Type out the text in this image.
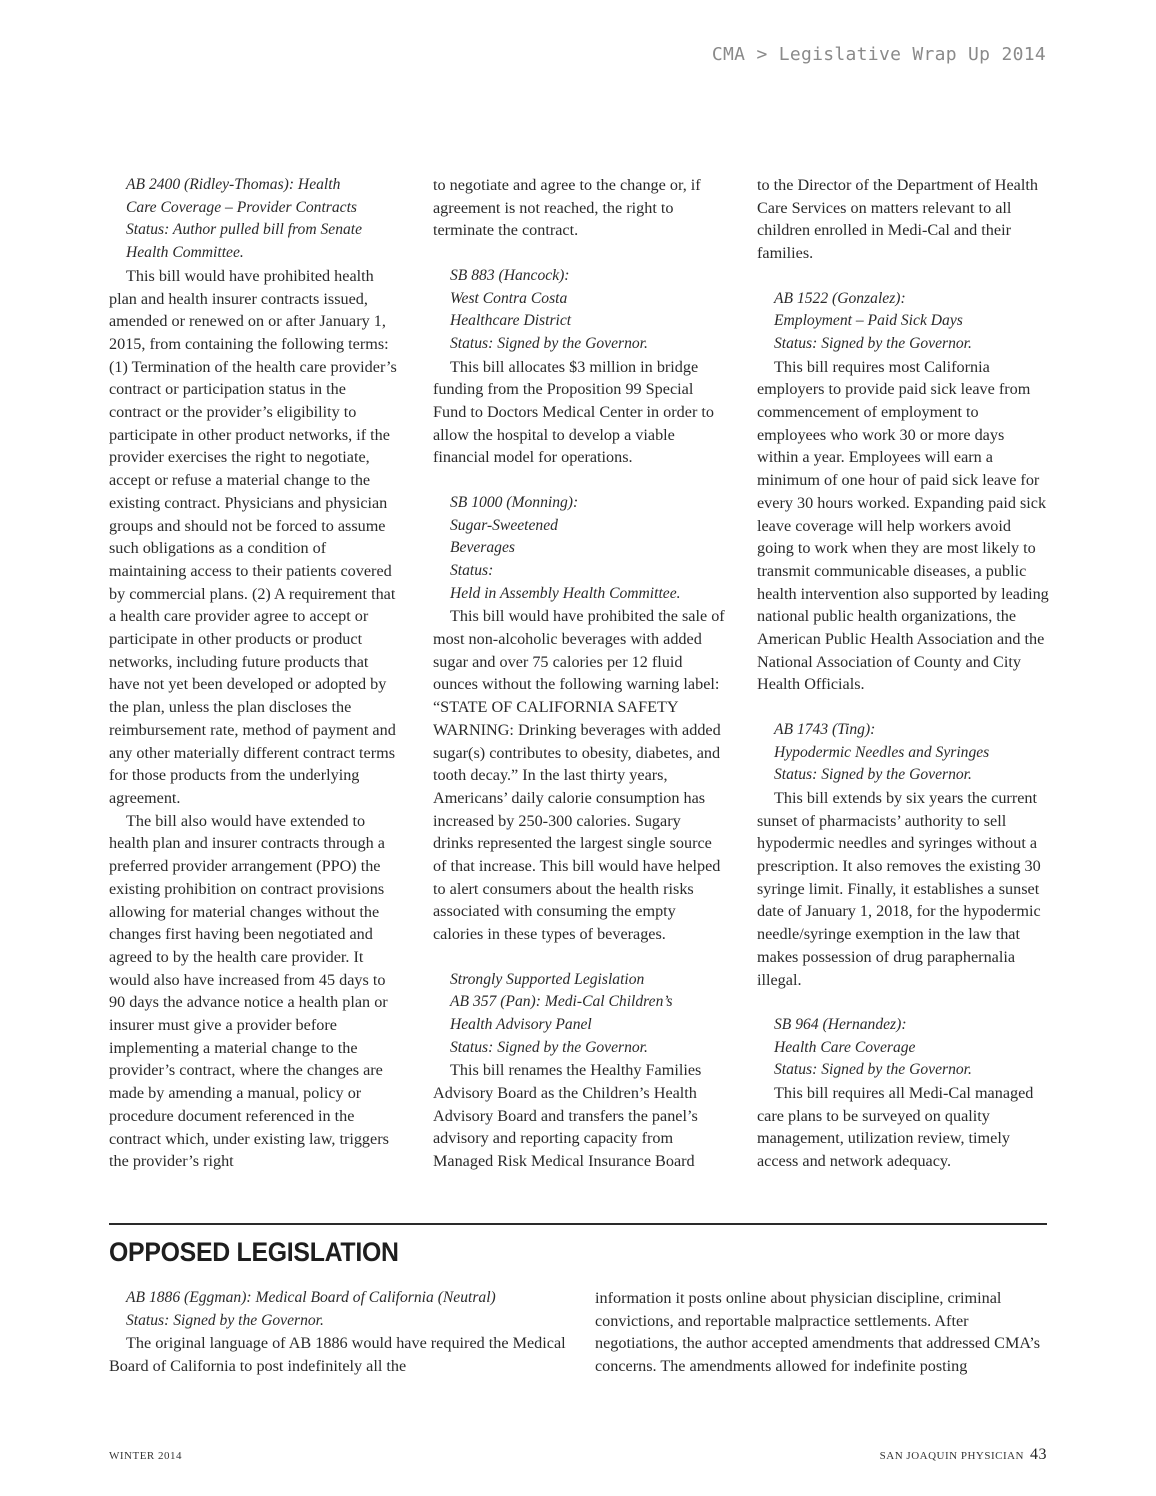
CMA > Legislative Wrap Up 2014
AB 2400 (Ridley-Thomas): Health
Care Coverage – Provider Contracts
Status: Author pulled bill from Senate
Health Committee.

This bill would have prohibited health plan and health insurer contracts issued, amended or renewed on or after January 1, 2015, from containing the following terms: (1) Termination of the health care provider’s contract or participation status in the contract or the provider’s eligibility to participate in other product networks, if the provider exercises the right to negotiate, accept or refuse a material change to the existing contract. Physicians and physician groups and should not be forced to assume such obligations as a condition of maintaining access to their patients covered by commercial plans. (2) A requirement that a health care provider agree to accept or participate in other products or product networks, including future products that have not yet been developed or adopted by the plan, unless the plan discloses the reimbursement rate, method of payment and any other materially different contract terms for those products from the underlying agreement.

The bill also would have extended to health plan and insurer contracts through a preferred provider arrangement (PPO) the existing prohibition on contract provisions allowing for material changes without the changes first having been negotiated and agreed to by the health care provider. It would also have increased from 45 days to 90 days the advance notice a health plan or insurer must give a provider before implementing a material change to the provider’s contract, where the changes are made by amending a manual, policy or procedure document referenced in the contract which, under existing law, triggers the provider’s right

to negotiate and agree to the change or, if agreement is not reached, the right to terminate the contract.

SB 883 (Hancock):
West Contra Costa
Healthcare District
Status: Signed by the Governor.

This bill allocates $3 million in bridge funding from the Proposition 99 Special Fund to Doctors Medical Center in order to allow the hospital to develop a viable financial model for operations.

SB 1000 (Monning):
Sugar-Sweetened
Beverages
Status:
Held in Assembly Health Committee.

This bill would have prohibited the sale of most non-alcoholic beverages with added sugar and over 75 calories per 12 fluid ounces without the following warning label: “STATE OF CALIFORNIA SAFETY WARNING: Drinking beverages with added sugar(s) contributes to obesity, diabetes, and tooth decay.” In the last thirty years, Americans’ daily calorie consumption has increased by 250-300 calories. Sugary drinks represented the largest single source of that increase. This bill would have helped to alert consumers about the health risks associated with consuming the empty calories in these types of beverages.

Strongly Supported Legislation
AB 357 (Pan): Medi-Cal Children’s
Health Advisory Panel
Status: Signed by the Governor.

This bill renames the Healthy Families Advisory Board as the Children’s Health Advisory Board and transfers the panel’s advisory and reporting capacity from Managed Risk Medical Insurance Board

to the Director of the Department of Health Care Services on matters relevant to all children enrolled in Medi-Cal and their families.

AB 1522 (Gonzalez):
Employment – Paid Sick Days
Status: Signed by the Governor.

This bill requires most California employers to provide paid sick leave from commencement of employment to employees who work 30 or more days within a year. Employees will earn a minimum of one hour of paid sick leave for every 30 hours worked. Expanding paid sick leave coverage will help workers avoid going to work when they are most likely to transmit communicable diseases, a public health intervention also supported by leading national public health organizations, the American Public Health Association and the National Association of County and City Health Officials.

AB 1743 (Ting):
Hypodermic Needles and Syringes
Status: Signed by the Governor.

This bill extends by six years the current sunset of pharmacists’ authority to sell hypodermic needles and syringes without a prescription. It also removes the existing 30 syringe limit. Finally, it establishes a sunset date of January 1, 2018, for the hypodermic needle/syringe exemption in the law that makes possession of drug paraphernalia illegal.

SB 964 (Hernandez):
Health Care Coverage
Status: Signed by the Governor.

This bill requires all Medi-Cal managed care plans to be surveyed on quality management, utilization review, timely access and network adequacy.

OPPOSED LEGISLATION
AB 1886 (Eggman): Medical Board of California (Neutral)
Status: Signed by the Governor.

The original language of AB 1886 would have required the Medical Board of California to post indefinitely all the

information it posts online about physician discipline, criminal convictions, and reportable malpractice settlements. After negotiations, the author accepted amendments that addressed CMA’s concerns. The amendments allowed for indefinite posting

WINTER 2014	SAN JOAQUIN PHYSICIAN 43
